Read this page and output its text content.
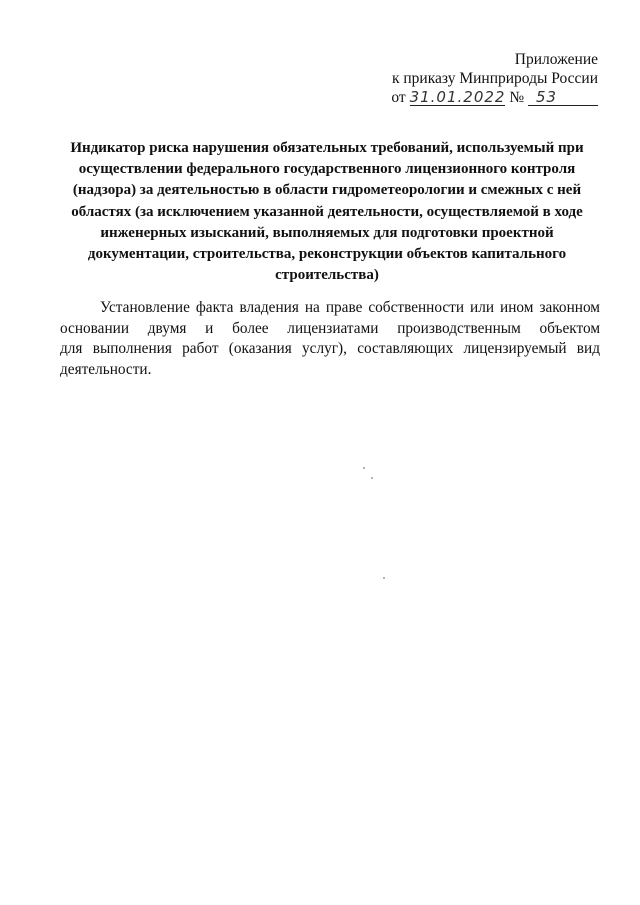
Приложение
к приказу Минприроды России
от 31.01.2022 № 53
Индикатор риска нарушения обязательных требований, используемый при
осуществлении федерального государственного лицензионного контроля
(надзора) за деятельностью в области гидрометеорологии и смежных с ней
областях (за исключением указанной деятельности, осуществляемой в ходе
инженерных изысканий, выполняемых для подготовки проектной
документации, строительства, реконструкции объектов капитального
строительства)
Установление факта владения на праве собственности или ином законном
основании двумя и более лицензиатами производственным объектом
для выполнения работ (оказания услуг), составляющих лицензируемый вид
деятельности.
